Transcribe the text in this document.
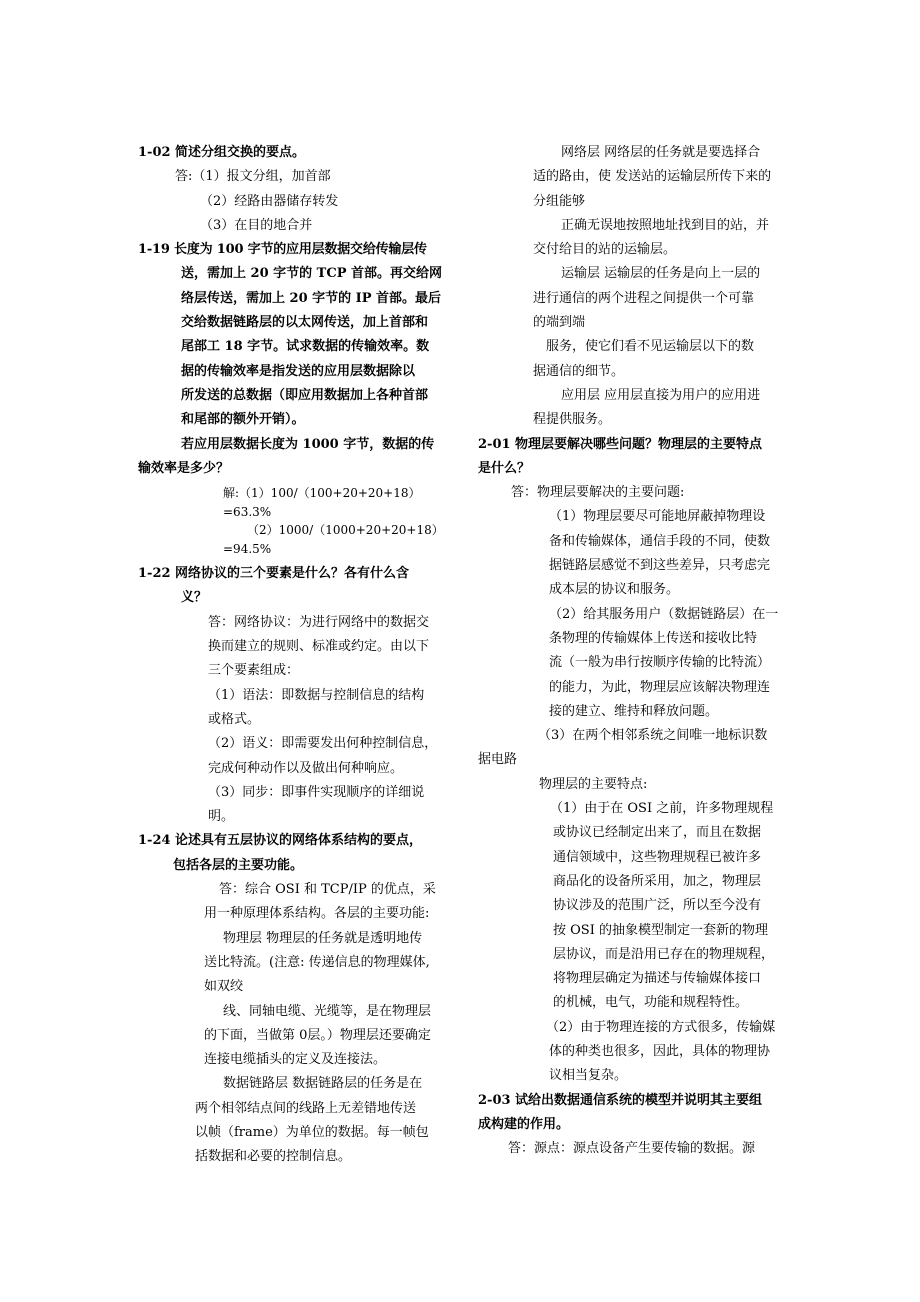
1-02 简述分组交换的要点。
答:（1）报文分组，加首部
（2）经路由器储存转发
（3）在目的地合并
1-19 长度为 100 字节的应用层数据交给传输层传
送，需加上 20 字节的 TCP 首部。再交给网
络层传送，需加上 20 字节的 IP 首部。最后
交给数据链路层的以太网传送，加上首部和
尾部工 18 字节。试求数据的传输效率。数
据的传输效率是指发送的应用层数据除以
所发送的总数据（即应用数据加上各种首部
和尾部的额外开销）。
若应用层数据长度为 1000 字节，数据的传
输效率是多少？
解:（1）100/（100+20+20+18）
=63.3%
（2）1000/（1000+20+20+18）
=94.5%
1-22 网络协议的三个要素是什么？各有什么含
义？
答：网络协议：为进行网络中的数据交
换而建立的规则、标准或约定。由以下
三个要素组成：
（1）语法：即数据与控制信息的结构
或格式。
（2）语义：即需要发出何种控制信息，
完成何种动作以及做出何种响应。
（3）同步：即事件实现顺序的详细说
明。
1-24 论述具有五层协议的网络体系结构的要点，
包括各层的主要功能。
答：综合 OSI 和 TCP/IP 的优点，采
用一种原理体系结构。各层的主要功能:
物理层 物理层的任务就是透明地传
送比特流。(注意: 传递信息的物理媒体,
如双绞
线、同轴电缆、光缆等，是在物理层
的下面，当做第 0层。）物理层还要确定
连接电缆插头的定义及连接法。
数据链路层 数据链路层的任务是在
两个相邻结点间的线路上无差错地传送
以帧（frame）为单位的数据。每一帧包
括数据和必要的控制信息。
网络层 网络层的任务就是要选择合
适的路由，使 发送站的运输层所传下来的
分组能够
正确无误地按照地址找到目的站，并
交付给目的站的运输层。
运输层 运输层的任务是向上一层的
进行通信的两个进程之间提供一个可靠
的端到端
服务，使它们看不见运输层以下的数
据通信的细节。
应用层 应用层直接为用户的应用进
程提供服务。
2-01 物理层要解决哪些问题？物理层的主要特点
是什么？
答：物理层要解决的主要问题:
（1）物理层要尽可能地屏蔽掉物理设
备和传输媒体，通信手段的不同，使数
据链路层感觉不到这些差异，只考虑完
成本层的协议和服务。
（2）给其服务用户（数据链路层）在一
条物理的传输媒体上传送和接收比特
流（一般为串行按顺序传输的比特流）
的能力，为此，物理层应该解决物理连
接的建立、维持和释放问题。
（3）在两个相邻系统之间唯一地标识数
据电路
物理层的主要特点:
（1）由于在 OSI 之前，许多物理规程
或协议已经制定出来了，而且在数据
通信领域中，这些物理规程已被许多
商品化的设备所采用，加之，物理层
协议涉及的范围广泛，所以至今没有
按 OSI 的抽象模型制定一套新的物理
层协议，而是沿用已存在的物理规程，
将物理层确定为描述与传输媒体接口
的机械，电气，功能和规程特性。
（2）由于物理连接的方式很多，传输媒
体的种类也很多，因此，具体的物理协
议相当复杂。
2-03 试给出数据通信系统的模型并说明其主要组
成构建的作用。
答：源点：源点设备产生要传输的数据。源
